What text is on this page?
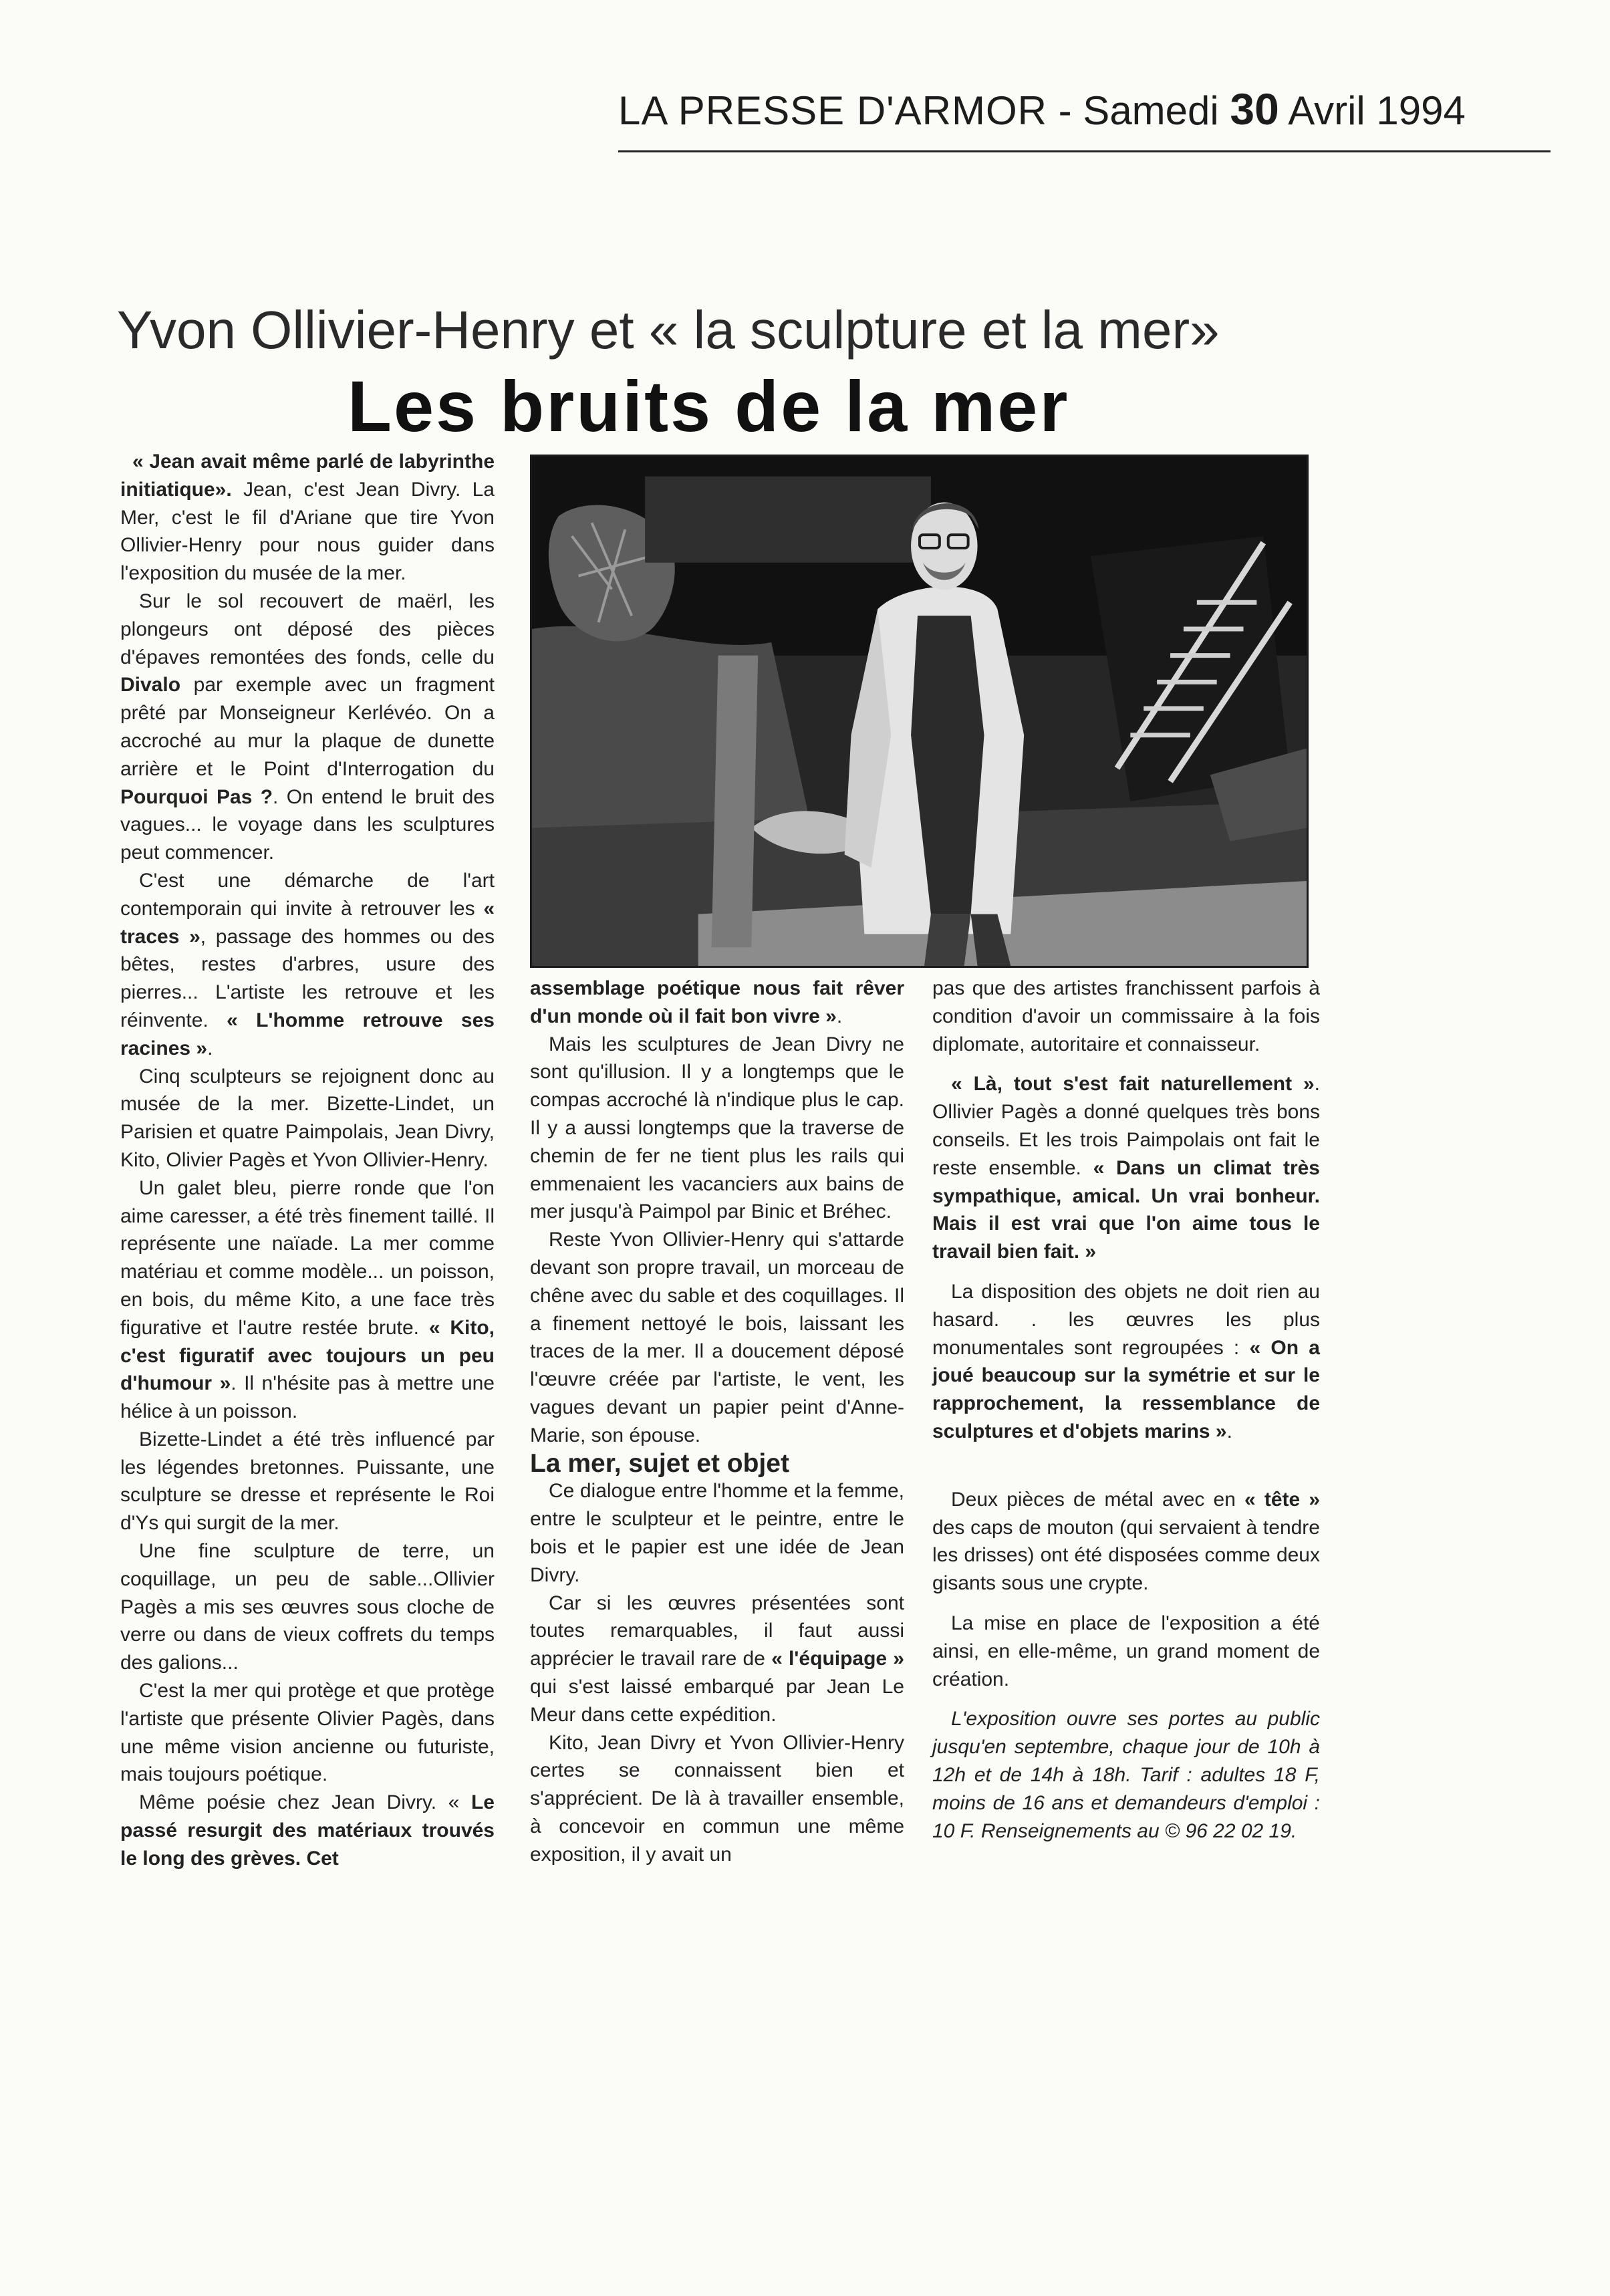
LA PRESSE D'ARMOR - Samedi 30 Avril 1994
Yvon Ollivier-Henry et « la sculpture et la mer»
Les bruits de la mer

« Jean avait même parlé de labyrinthe initiatique». Jean, c'est Jean Divry. La Mer, c'est le fil d'Ariane que tire Yvon Ollivier-Henry pour nous guider dans l'exposition du musée de la mer.

Sur le sol recouvert de maërl, les plongeurs ont déposé des pièces d'épaves remontées des fonds, celle du Divalo par exemple avec un fragment prêté par Monseigneur Kerlévéo. On a accroché au mur la plaque de dunette arrière et le Point d'Interrogation du Pourquoi Pas ?. On entend le bruit des vagues... le voyage dans les sculptures peut commencer.

C'est une démarche de l'art contemporain qui invite à retrouver les « traces », passage des hommes ou des bêtes, restes d'arbres, usure des pierres... L'artiste les retrouve et les réinvente. « L'homme retrouve ses racines ».

Cinq sculpteurs se rejoignent donc au musée de la mer. Bizette-Lindet, un Parisien et quatre Paimpolais, Jean Divry, Kito, Olivier Pagès et Yvon Ollivier-Henry.

Un galet bleu, pierre ronde que l'on aime caresser, a été très finement taillé. Il représente une naïade. La mer comme matériau et comme modèle... un poisson, en bois, du même Kito, a une face très figurative et l'autre restée brute. « Kito, c'est figuratif avec toujours un peu d'humour ». Il n'hésite pas à mettre une hélice à un poisson.

Bizette-Lindet a été très influencé par les légendes bretonnes. Puissante, une sculpture se dresse et représente le Roi d'Ys qui surgit de la mer.

Une fine sculpture de terre, un coquillage, un peu de sable...Ollivier Pagès a mis ses œuvres sous cloche de verre ou dans de vieux coffrets du temps des galions...

C'est la mer qui protège et que protège l'artiste que présente Olivier Pagès, dans une même vision ancienne ou futuriste, mais toujours poétique.

Même poésie chez Jean Divry. « Le passé resurgit des matériaux trouvés le long des grèves. Cet

assemblage poétique nous fait rêver d'un monde où il fait bon vivre ».

Mais les sculptures de Jean Divry ne sont qu'illusion. Il y a longtemps que le compas accroché là n'indique plus le cap. Il y a aussi longtemps que la traverse de chemin de fer ne tient plus les rails qui emmenaient les vacanciers aux bains de mer jusqu'à Paimpol par Binic et Bréhec.

Reste Yvon Ollivier-Henry qui s'attarde devant son propre travail, un morceau de chêne avec du sable et des coquillages. Il a finement nettoyé le bois, laissant les traces de la mer. Il a doucement déposé l'œuvre créée par l'artiste, le vent, les vagues devant un papier peint d'Anne-Marie, son épouse.

La mer, sujet et objet

Ce dialogue entre l'homme et la femme, entre le sculpteur et le peintre, entre le bois et le papier est une idée de Jean Divry.

Car si les œuvres présentées sont toutes remarquables, il faut aussi apprécier le travail rare de « l'équipage » qui s'est laissé embarqué par Jean Le Meur dans cette expédition.

Kito, Jean Divry et Yvon Ollivier-Henry certes se connaissent bien et s'apprécient. De là à travailler ensemble, à concevoir en commun une même exposition, il y avait un

pas que des artistes franchissent parfois à condition d'avoir un commissaire à la fois diplomate, autoritaire et connaisseur.

« Là, tout s'est fait naturellement ». Ollivier Pagès a donné quelques très bons conseils. Et les trois Paimpolais ont fait le reste ensemble. « Dans un climat très sympathique, amical. Un vrai bonheur. Mais il est vrai que l'on aime tous le travail bien fait. »

La disposition des objets ne doit rien au hasard. . les œuvres les plus monumentales sont regroupées : « On a joué beaucoup sur la symétrie et sur le rapprochement, la ressemblance de sculptures et d'objets marins ».

Deux pièces de métal avec en « tête » des caps de mouton (qui servaient à tendre les drisses) ont été disposées comme deux gisants sous une crypte.

La mise en place de l'exposition a été ainsi, en elle-même, un grand moment de création.

L'exposition ouvre ses portes au public jusqu'en septembre, chaque jour de 10h à 12h et de 14h à 18h. Tarif : adultes 18 F, moins de 16 ans et demandeurs d'emploi : 10 F. Renseignements au © 96 22 02 19.
